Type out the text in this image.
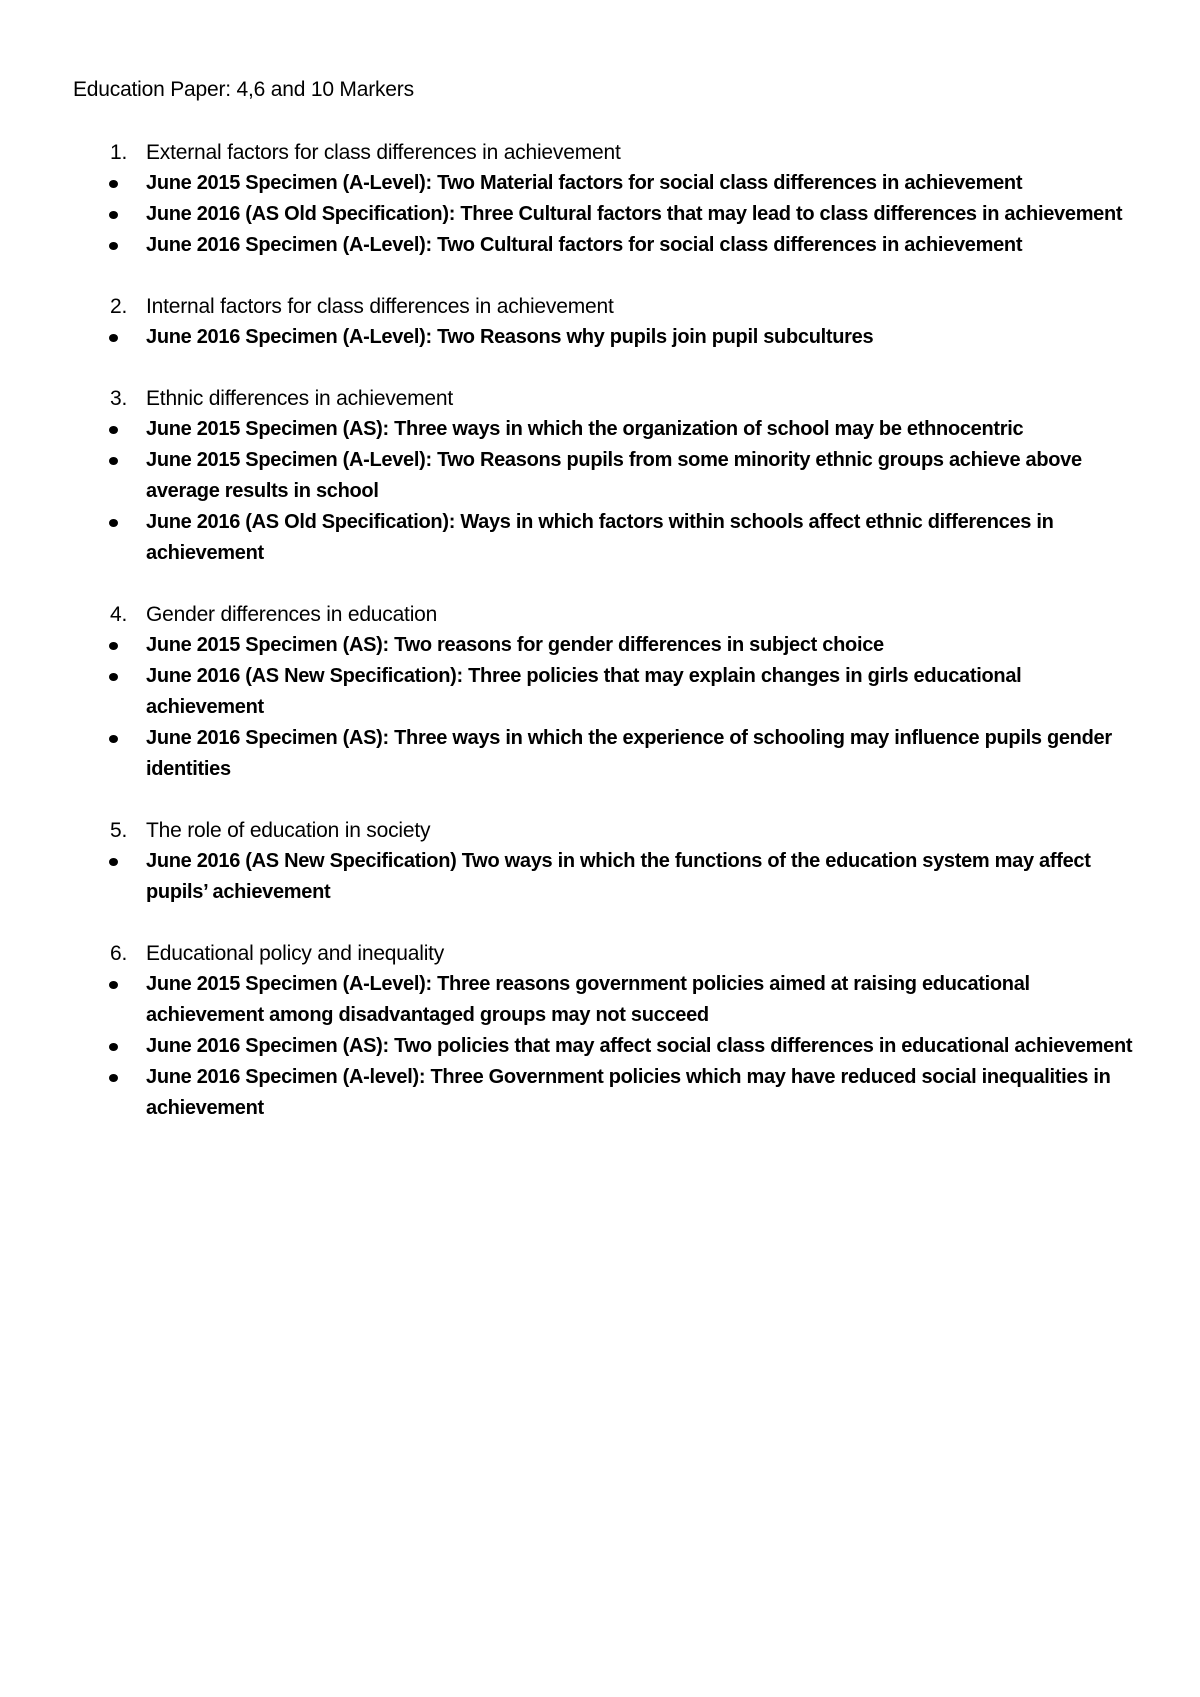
Education Paper: 4,6 and 10 Markers
1. External factors for class differences in achievement
June 2015 Specimen (A-Level): Two Material factors for social class differences in achievement
June 2016 (AS Old Specification): Three Cultural factors that may lead to class differences in achievement
June 2016 Specimen (A-Level): Two Cultural factors for social class differences in achievement
2. Internal factors for class differences in achievement
June 2016 Specimen (A-Level): Two Reasons why pupils join pupil subcultures
3. Ethnic differences in achievement
June 2015 Specimen (AS): Three ways in which the organization of school may be ethnocentric
June 2015 Specimen (A-Level): Two Reasons pupils from some minority ethnic groups achieve above average results in school
June 2016 (AS Old Specification): Ways in which factors within schools affect ethnic differences in achievement
4. Gender differences in education
June 2015 Specimen (AS): Two reasons for gender differences in subject choice
June 2016 (AS New Specification): Three policies that may explain changes in girls educational achievement
June 2016 Specimen (AS): Three ways in which the experience of schooling may influence pupils gender identities
5. The role of education in society
June 2016 (AS New Specification) Two ways in which the functions of the education system may affect pupils’ achievement
6. Educational policy and inequality
June 2015 Specimen (A-Level): Three reasons government policies aimed at raising educational achievement among disadvantaged groups may not succeed
June 2016 Specimen (AS): Two policies that may affect social class differences in educational achievement
June 2016 Specimen (A-level): Three Government policies which may have reduced social inequalities in achievement
